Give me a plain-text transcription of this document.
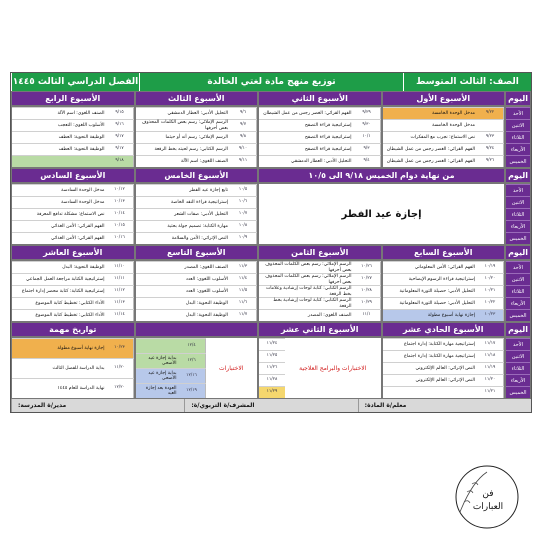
الصف: الثالث المتوسط
توزيع منهج مادة لغتي الخالدة
الفصل الدراسي الثالث ١٤٤٥
اليوم
الأسبوع الأول
الأسبوع الثاني
الأسبوع الثالث
الأسبوع الرابع
الأحد
الاثنين
الثلاثاء
الأربعاء
الخميس
٩/٢٢
مدخل الوحدة الخامسة
مدخل الوحدة الخامسة
٩/٢٣
نص الاستماع: نجرب مع المفكرات
٩/٢٤
الفهم القرائي: الغضر رجس من عمل الشيطان
٩/٢٦
الفهم القرائي: الغضر رجس من عمل الشيطان
٩/٢٩
الفهم القرائي: الغضر رجس من عمل الشيطان
٩/٣٠
إستراتيجية قراءة التصفح
١٠/١
إستراتيجية قراءة التصفح
٩/٣
إستراتيجية قراءة التصفح
٩/٤
التحليل الأدبي: العطار الدمشقي
٩/٦
التحليل الأدبي: العطار الدمشقي
٩/٧
الرسم الإملائي: رسم بعض الكلمات المحذوف بعض أحرفها
٩/٨
الرسم الإملائي: رسم أنه أو حيثما
٩/١٠
الرسم الكتابي: رسم لحيته بخط الرقعة
٩/١١
الصنف اللغوي: اسم الآلة
٩/١٥
الصنف اللغوي: اسم الآلة
٩/١٦
الأسلوب اللغوي: التعجب
٩/١٧
الوظيفة النحوية: العطف
٩/١٧
الوظيفة النحوية: العطف
٩/١٨
اليوم
من نهاية دوام الخميس ٩/١٨ الى ١٠/٥
الأسبوع الخامس
الأسبوع السادس
الأحد
الاثنين
الثلاثاء
الأربعاء
الخميس
إجازة عيد الفطر
١٠/٥
تابع إجازة عيد الفطر
١٠/٦
إستراتيجية قراءة النقد الخاصة
١٠/٧
التحليل الأدبي: صفات الشعر
١٠/٨
مهارة الكتابة: تصميم جولة بحثية
١٠/٩
النص الإثرائي: الأمن والسلامة
١٠/١٢
مدخل الوحدة السادسة
١٠/١٣
مدخل الوحدة السادسة
١٠/١٤
نص الاستماع: مشكلة تدافع المعرفة
١٠/١٥
الفهم القرائي: الأمن الغذائي
١٠/١٦
الفهم القرائي: الأمن الغذائي
اليوم
الأسبوع السابع
الأسبوع الثامن
الأسبوع التاسع
الأسبوع العاشر
الأحد
الاثنين
الثلاثاء
الأربعاء
الخميس
١٠/١٩
الفهم القرائي: الأمن المعلوماتي
١٠/٢٠
إستراتيجية قراءة الرسوم الإيضاحية
١٠/٢١
التحليل الأدبي: حصيلة الثورة المعلوماتية
١٠/٢٢
التحليل الأدبي: حصيلة الثورة المعلوماتية
١٠/٢٣
إجازة نهاية أسبوع مطولة
١٠/٢٦
الرسم الإملائي: رسم بعض الكلمات المحذوف بعض أحرفها
١٠/٢٧
الرسم الإملائي: رسم بعض الكلمات المحذوف بعض أحرفها
١٠/٢٨
الرسم الكتابي: كتابة لوحات إرشادية وعلامات بخط الرقعة
١٠/٢٩
الرسم الكتابي: كتابة لوحات إرشادية بخط الرقعة
١١/١
الصنف اللغوي: المصدر
١١/٣
الصنف اللغوي: المصدر
١١/٤
الأسلوب اللغوي: العدد
١١/٥
الأسلوب اللغوي: العدد
١١/٦
الوظيفة النحوية: البدل
١١/٧
الوظيفة النحوية: البدل
١١/١٠
الوظيفة النحوية: البدل
١١/١١
إستراتيجية الكتابة مراجعة العمل الجماعي
١١/١٢
إستراتيجية الكتابة: كتابة محضر إدارة اجتماع
١١/١٣
الأداء الكتابي: تخطيط كتابة الموضوع
١١/١٤
الأداء الكتابي: تخطيط كتابة الموضوع
اليوم
الأسبوع الحادي عشر
الأسبوع الثاني عشر
تواريخ مهمة
الأحد
الاثنين
الثلاثاء
الأربعاء
الخميس
١١/١٧
إستراتيجية مهارة الكتابة: إدارة اجتماع
١١/١٨
إستراتيجية مهارة الكتابة: إدارة اجتماع
١١/١٩
النص الإثرائي: العالم الإلكتروني
١١/٢٠
النص الإثرائي: العالم الإلكتروني
١١/٢١
الاختبارات والبرامج العلاجية
١١/٢٤
١١/٢٥
١١/٢٦
١١/٢٨
١١/٢٩
الاختبارات
١٢/٤
١٢/٦
بداية إجازة عيد الأضحى
١٢/١٦
بداية إجازة عيد الأضحى
١٢/١٩
العودة بعد إجازة العيد
١٠/٢٣
إجازة نهاية أسبوع مطولة
١١/٢٠
بداية الدراسة للفصل الثالث
١٢/٢٠
نهاية الدراسة للعام ١٤٤٥
معلم/ة المادة:
المشرف/ة التربوي/ة:
مدير/ة المدرسة:
فن
العبارات
